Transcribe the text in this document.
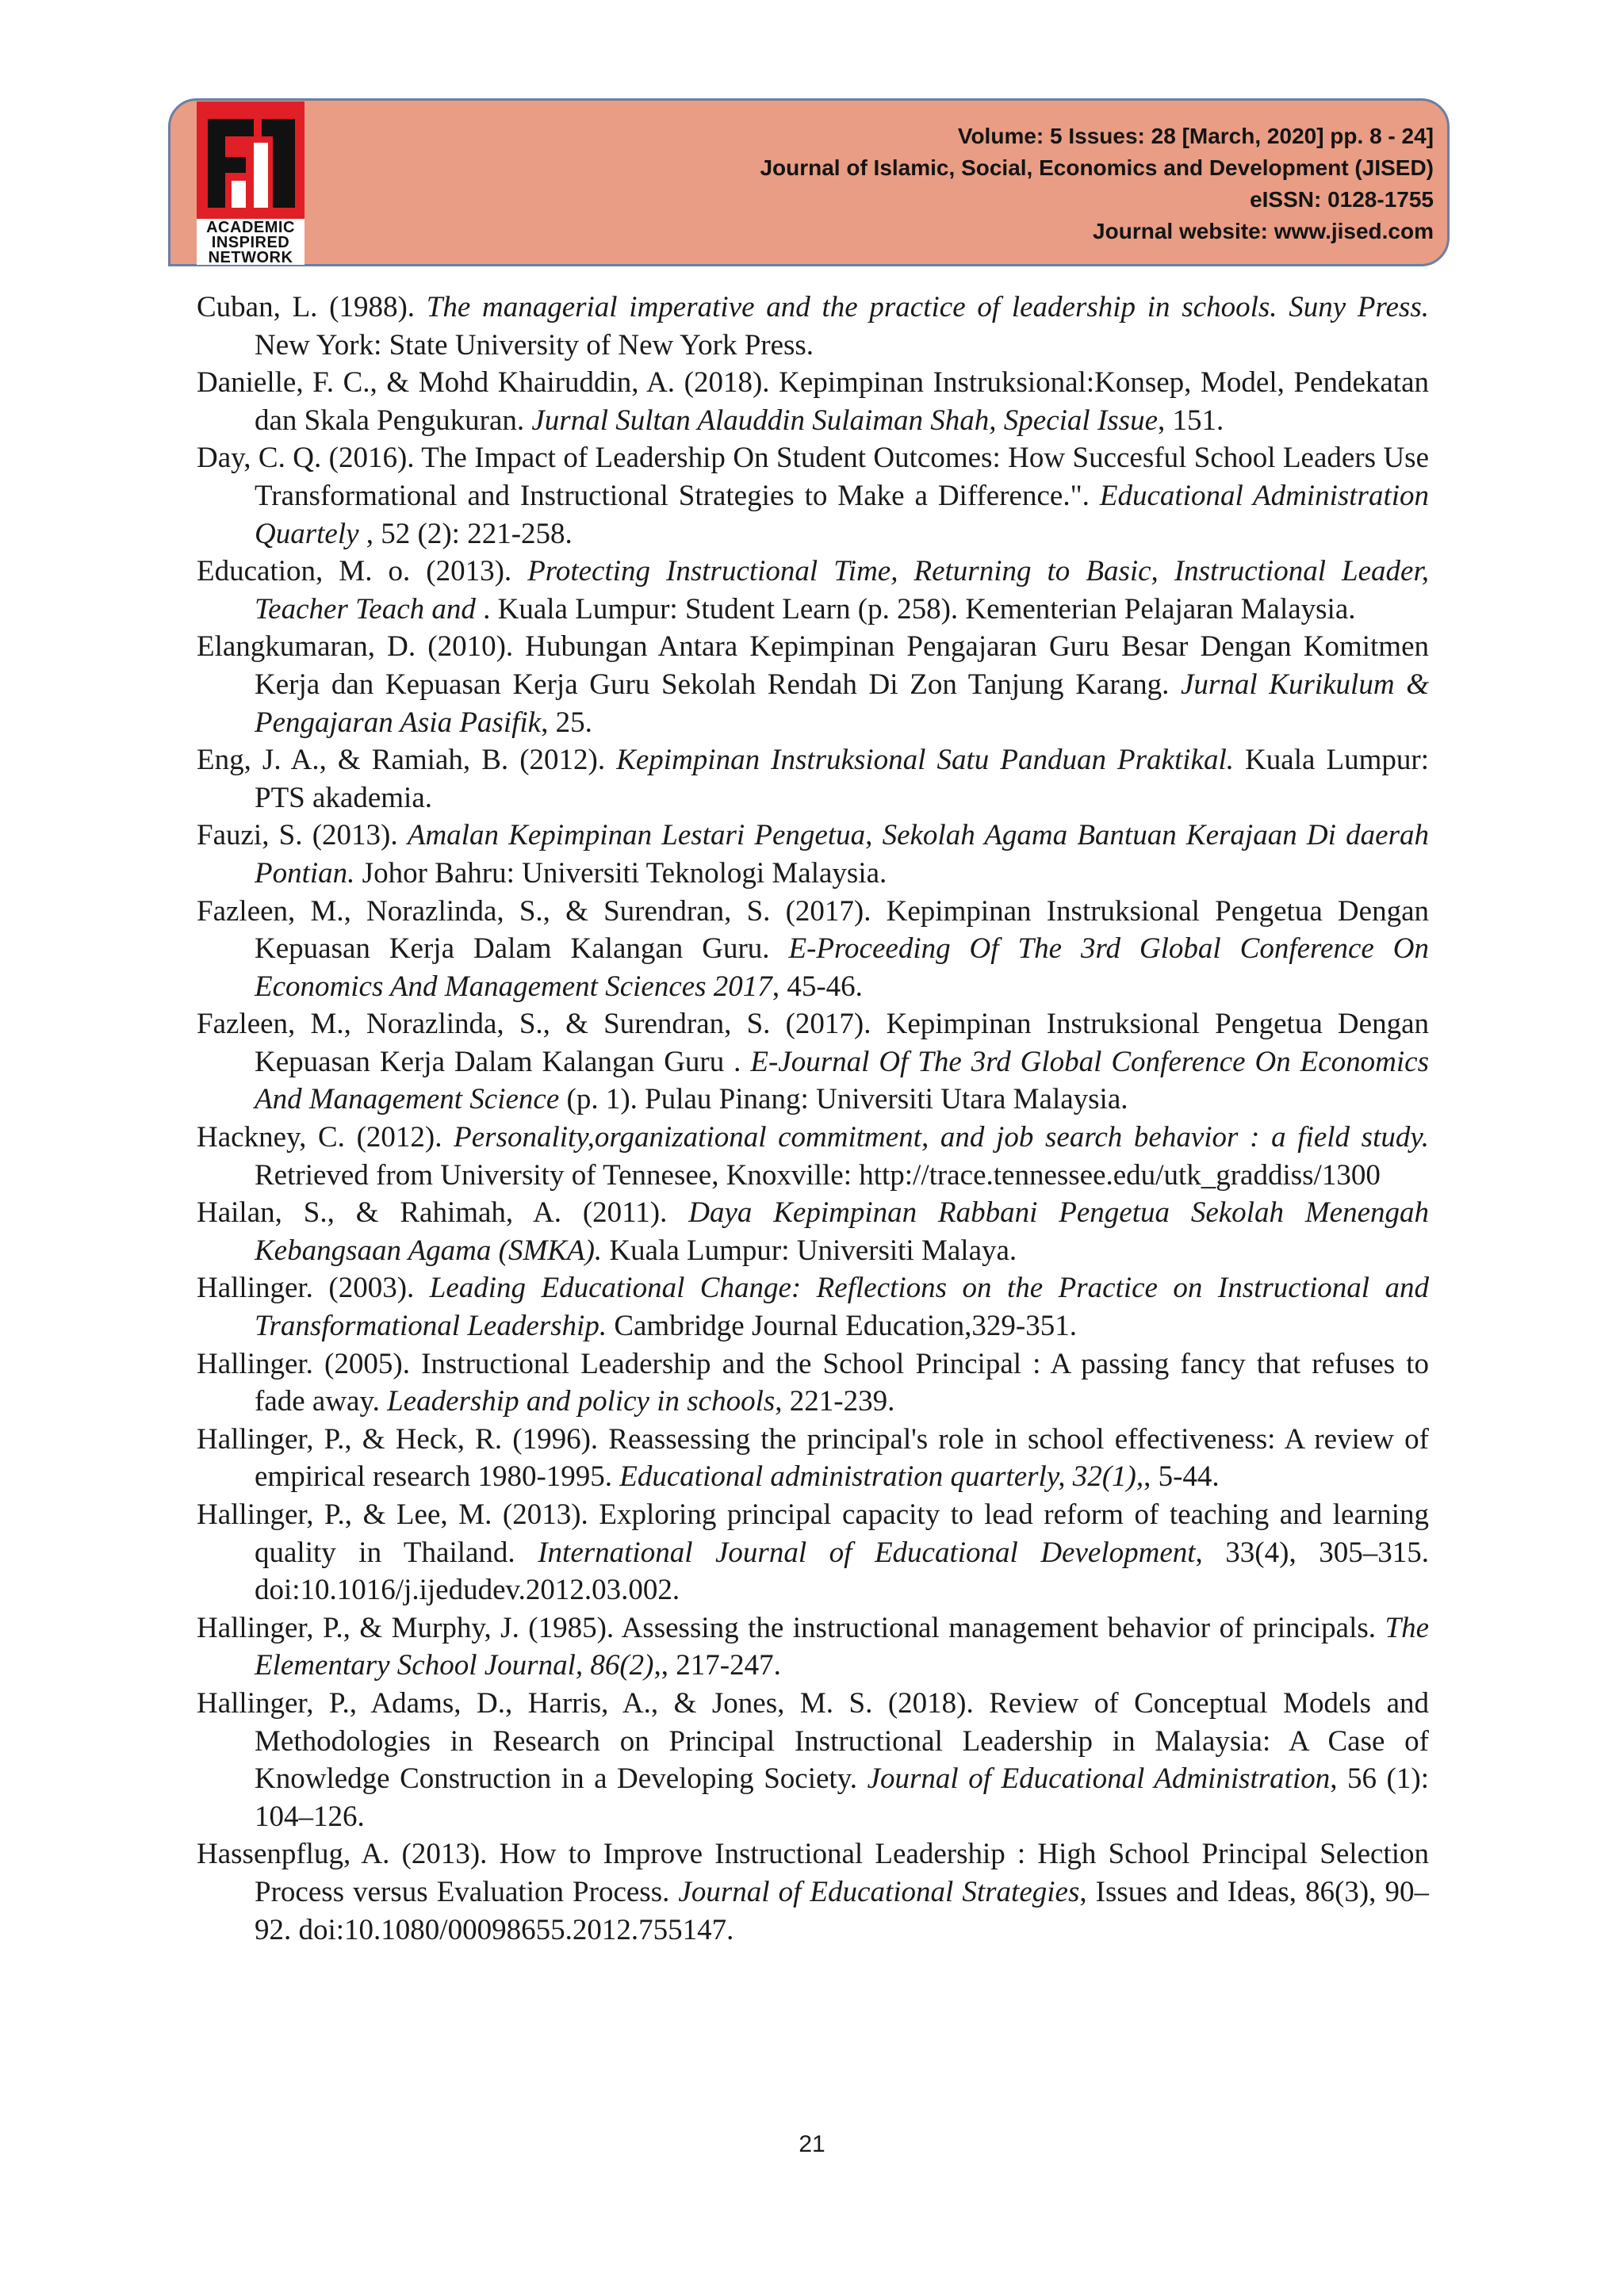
ACADEMIC
INSPIRED
NETWORK
Volume: 5 Issues: 28 [March, 2020] pp. 8 - 24]
Journal of Islamic, Social, Economics and Development (JISED)
eISSN: 0128-1755
Journal website: www.jised.com

Cuban, L. (1988). The managerial imperative and the practice of leadership in schools. Suny Press. New York: State University of New York Press.

Danielle, F. C., & Mohd Khairuddin, A. (2018). Kepimpinan Instruksional:Konsep, Model, Pendekatan dan Skala Pengukuran. Jurnal Sultan Alauddin Sulaiman Shah, Special Issue, 151.

Day, C. Q. (2016). The Impact of Leadership On Student Outcomes: How Succesful School Leaders Use Transformational and Instructional Strategies to Make a Difference.". Educational Administration Quartely , 52 (2): 221-258.

Education, M. o. (2013). Protecting Instructional Time, Returning to Basic, Instructional Leader, Teacher Teach and . Kuala Lumpur: Student Learn (p. 258). Kementerian Pelajaran Malaysia.

Elangkumaran, D. (2010). Hubungan Antara Kepimpinan Pengajaran Guru Besar Dengan Komitmen Kerja dan Kepuasan Kerja Guru Sekolah Rendah Di Zon Tanjung Karang. Jurnal Kurikulum & Pengajaran Asia Pasifik, 25.

Eng, J. A., & Ramiah, B. (2012). Kepimpinan Instruksional Satu Panduan Praktikal. Kuala Lumpur: PTS akademia.

Fauzi, S. (2013). Amalan Kepimpinan Lestari Pengetua, Sekolah Agama Bantuan Kerajaan Di daerah Pontian. Johor Bahru: Universiti Teknologi Malaysia.

Fazleen, M., Norazlinda, S., & Surendran, S. (2017). Kepimpinan Instruksional Pengetua Dengan Kepuasan Kerja Dalam Kalangan Guru. E-Proceeding Of The 3rd Global Conference On Economics And Management Sciences 2017, 45-46.

Fazleen, M., Norazlinda, S., & Surendran, S. (2017). Kepimpinan Instruksional Pengetua Dengan Kepuasan Kerja Dalam Kalangan Guru . E-Journal Of The 3rd Global Conference On Economics And Management Science (p. 1). Pulau Pinang: Universiti Utara Malaysia.

Hackney, C. (2012). Personality,organizational commitment, and job search behavior : a field study. Retrieved from University of Tennesee, Knoxville: http://trace.tennessee.edu/utk_graddiss/1300

Hailan, S., & Rahimah, A. (2011). Daya Kepimpinan Rabbani Pengetua Sekolah Menengah Kebangsaan Agama (SMKA). Kuala Lumpur: Universiti Malaya.

Hallinger. (2003). Leading Educational Change: Reflections on the Practice on Instructional and Transformational Leadership. Cambridge Journal Education,329-351.

Hallinger. (2005). Instructional Leadership and the School Principal : A passing fancy that refuses to fade away. Leadership and policy in schools, 221-239.

Hallinger, P., & Heck, R. (1996). Reassessing the principal's role in school effectiveness: A review of empirical research 1980-1995. Educational administration quarterly, 32(1),, 5-44.

Hallinger, P., & Lee, M. (2013). Exploring principal capacity to lead reform of teaching and learning quality in Thailand. International Journal of Educational Development, 33(4), 305–315. doi:10.1016/j.ijedudev.2012.03.002.

Hallinger, P., & Murphy, J. (1985). Assessing the instructional management behavior of principals. The Elementary School Journal, 86(2),, 217-247.

Hallinger, P., Adams, D., Harris, A., & Jones, M. S. (2018). Review of Conceptual Models and Methodologies in Research on Principal Instructional Leadership in Malaysia: A Case of Knowledge Construction in a Developing Society. Journal of Educational Administration, 56 (1): 104–126.

Hassenpflug, A. (2013). How to Improve Instructional Leadership : High School Principal Selection Process versus Evaluation Process. Journal of Educational Strategies, Issues and Ideas, 86(3), 90–92. doi:10.1080/00098655.2012.755147.

21
